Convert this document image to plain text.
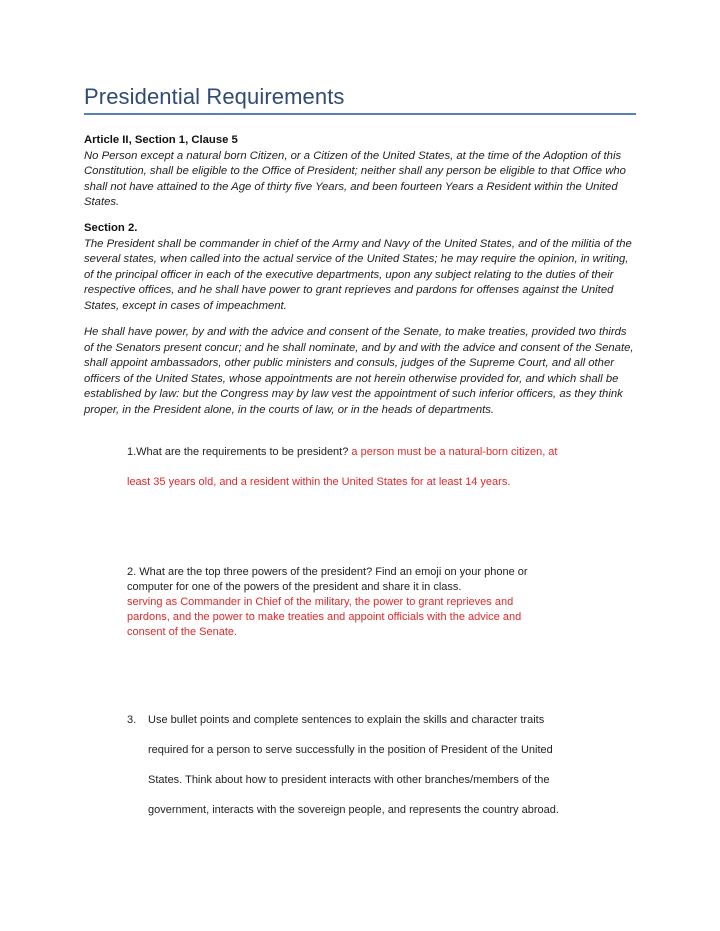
Presidential Requirements
Article II, Section 1, Clause 5
No Person except a natural born Citizen, or a Citizen of the United States, at the time of the Adoption of this Constitution, shall be eligible to the Office of President; neither shall any person be eligible to that Office who shall not have attained to the Age of thirty five Years, and been fourteen Years a Resident within the United States.
Section 2.
The President shall be commander in chief of the Army and Navy of the United States, and of the militia of the several states, when called into the actual service of the United States; he may require the opinion, in writing, of the principal officer in each of the executive departments, upon any subject relating to the duties of their respective offices, and he shall have power to grant reprieves and pardons for offenses against the United States, except in cases of impeachment.
He shall have power, by and with the advice and consent of the Senate, to make treaties, provided two thirds of the Senators present concur; and he shall nominate, and by and with the advice and consent of the Senate, shall appoint ambassadors, other public ministers and consuls, judges of the Supreme Court, and all other officers of the United States, whose appointments are not herein otherwise provided for, and which shall be established by law: but the Congress may by law vest the appointment of such inferior officers, as they think proper, in the President alone, in the courts of law, or in the heads of departments.
1.What are the requirements to be president? a person must be a natural-born citizen, at
least 35 years old, and a resident within the United States for at least 14 years.
2. What are the top three powers of the president? Find an emoji on your phone or
computer for one of the powers of the president and share it in class.
serving as Commander in Chief of the military, the power to grant reprieves and
pardons, and the power to make treaties and appoint officials with the advice and
consent of the Senate.
3. Use bullet points and complete sentences to explain the skills and character traits
required for a person to serve successfully in the position of President of the United
States. Think about how to president interacts with other branches/members of the
government, interacts with the sovereign people, and represents the country abroad.
